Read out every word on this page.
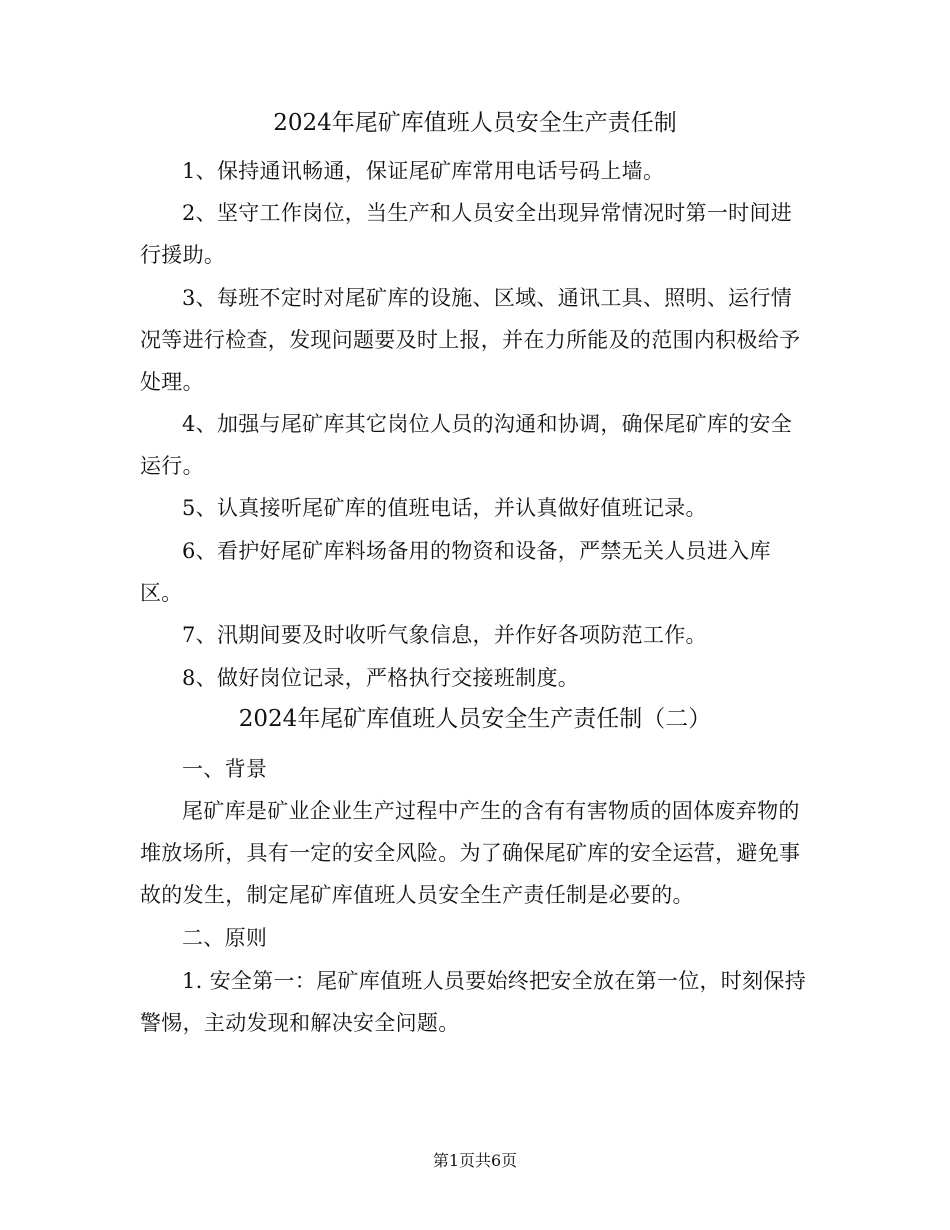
2024年尾矿库值班人员安全生产责任制
1、保持通讯畅通，保证尾矿库常用电话号码上墙。
2、坚守工作岗位，当生产和人员安全出现异常情况时第一时间进行援助。
3、每班不定时对尾矿库的设施、区域、通讯工具、照明、运行情况等进行检查，发现问题要及时上报，并在力所能及的范围内积极给予处理。
4、加强与尾矿库其它岗位人员的沟通和协调，确保尾矿库的安全运行。
5、认真接听尾矿库的值班电话，并认真做好值班记录。
6、看护好尾矿库料场备用的物资和设备，严禁无关人员进入库区。
7、汛期间要及时收听气象信息，并作好各项防范工作。
8、做好岗位记录，严格执行交接班制度。
2024年尾矿库值班人员安全生产责任制（二）
一、背景
尾矿库是矿业企业生产过程中产生的含有有害物质的固体废弃物的堆放场所，具有一定的安全风险。为了确保尾矿库的安全运营，避免事故的发生，制定尾矿库值班人员安全生产责任制是必要的。
二、原则
1. 安全第一：尾矿库值班人员要始终把安全放在第一位，时刻保持警惕，主动发现和解决安全问题。
第1页共6页
